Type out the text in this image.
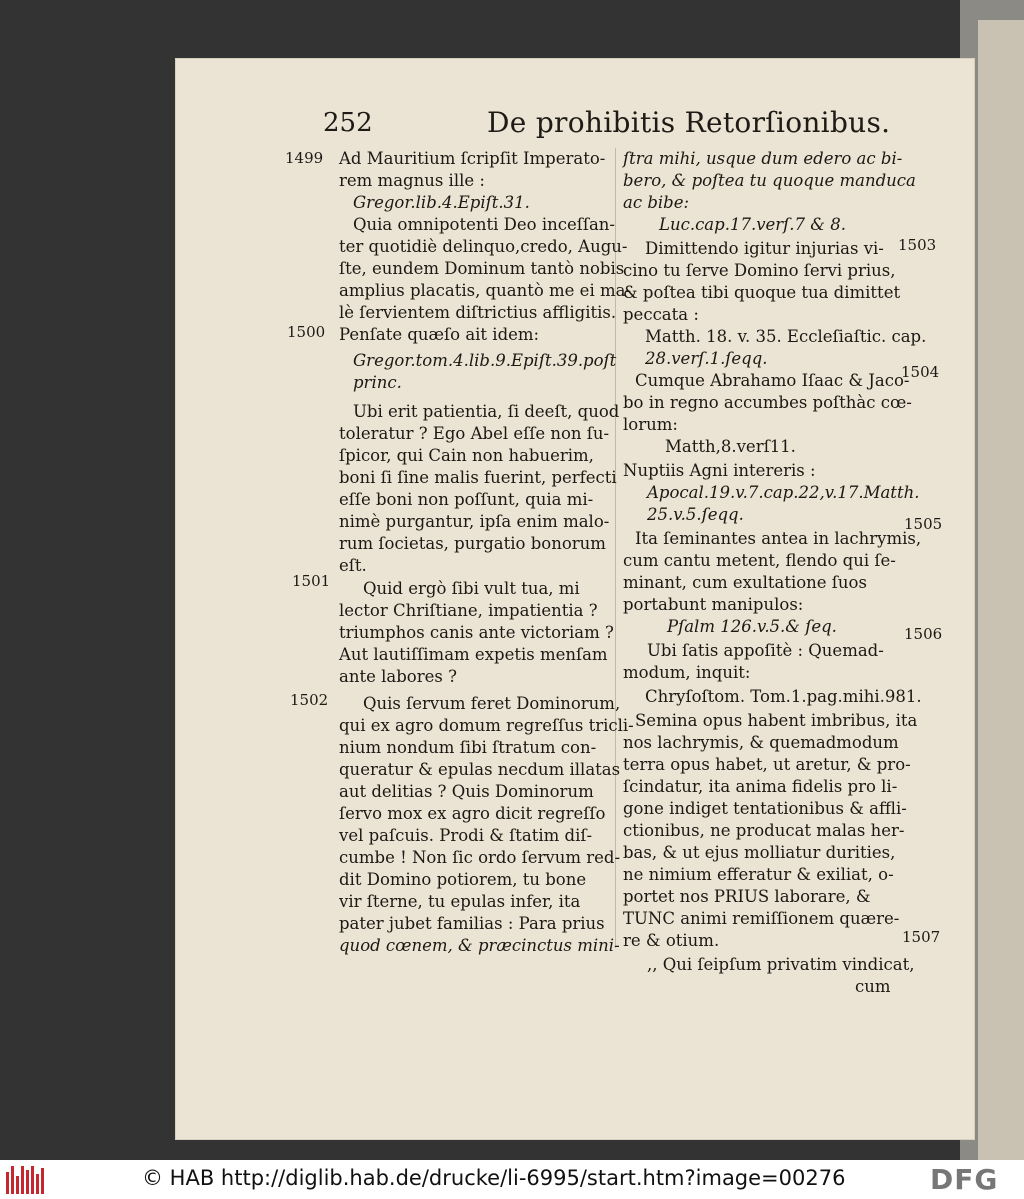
252	De prohibitis Retorſionibus.
1499
1500
1501
1502
1503
1504
1505
1506
1507
Ad Mauritium ſcripſit Imperato-
rem magnus ille :
Gregor.lib.4.Epiſt.31.
Quia omnipotenti Deo inceſſan-
ter quotidiè delinquo,credo, Augu-
ſte, eundem Dominum tantò nobis
amplius placatis, quantò me ei ma-
lè ſervientem diſtrictius affligitis.
Penſate quæſo ait idem:
Gregor.tom.4.lib.9.Epiſt.39.poſt
princ.
Ubi erit patientia, ſi deeſt, quod
toleratur ? Ego Abel eſſe non ſu-
ſpicor, qui Cain non habuerim,
boni ſi ſine malis fuerint, perfecti
eſſe boni non poſſunt, quia mi-
nimè purgantur, ipſa enim malo-
rum ſocietas, purgatio bonorum
eſt.
Quid ergò ſibi vult tua, mi
lector Chriſtiane, impatientia ?
triumphos canis ante victoriam ?
Aut lautiſſimam expetis menſam
ante labores ?
Quis ſervum feret Dominorum,
qui ex agro domum regreſſus tricli-
nium nondum ſibi ſtratum con-
queratur & epulas necdum illatas
aut delitias ? Quis Dominorum
ſervo mox ex agro dicit regreſſo
vel paſcuis. Prodi & ſtatim diſ-
cumbe ! Non ſic ordo ſervum red-
dit Domino potiorem, tu bone
vir ſterne, tu epulas infer, ita
pater jubet familias : Para prius
quod cœnem, & præcinctus mini-
ſtra mihi, usque dum edero ac bi-
bero, & poſtea tu quoque manduca
ac bibe:
Luc.cap.17.verſ.7 & 8.
Dimittendo igitur injurias vi-
cino tu ſerve Domino ſervi prius,
& poſtea tibi quoque tua dimittet
peccata :
Matth. 18. v. 35. Eccleſiaſtic. cap.
28.verſ.1.ſeqq.
Cumque Abrahamo Iſaac & Jaco-
bo in regno accumbes poſthàc cœ-
lorum:
Matth,8.verſ11.
Nuptiis Agni intereris :
Apocal.19.v.7.cap.22,v.17.Matth.
25.v.5.ſeqq.
Ita ſeminantes antea in lachrymis,
cum cantu metent, flendo qui ſe-
minant, cum exultatione ſuos
portabunt manipulos:
Pſalm 126.v.5.& ſeq.
Ubi ſatis appoſitè : Quemad-
modum, inquit:
Chryſoſtom. Tom.1.pag.mihi.981.
Semina opus habent imbribus, ita
nos lachrymis, & quemadmodum
terra opus habet, ut aretur, & pro-
ſcindatur, ita anima fidelis pro li-
gone indiget tentationibus & affli-
ctionibus, ne producat malas her-
bas, & ut ejus molliatur durities,
ne nimium efferatur & exiliat, o-
portet nos PRIUS laborare, &
TUNC animi remiſſionem quære-
re & otium.
,, Qui ſeipſum privatim vindicat,
cum
© HAB http://diglib.hab.de/drucke/li-6995/start.htm?image=00276	DFG
